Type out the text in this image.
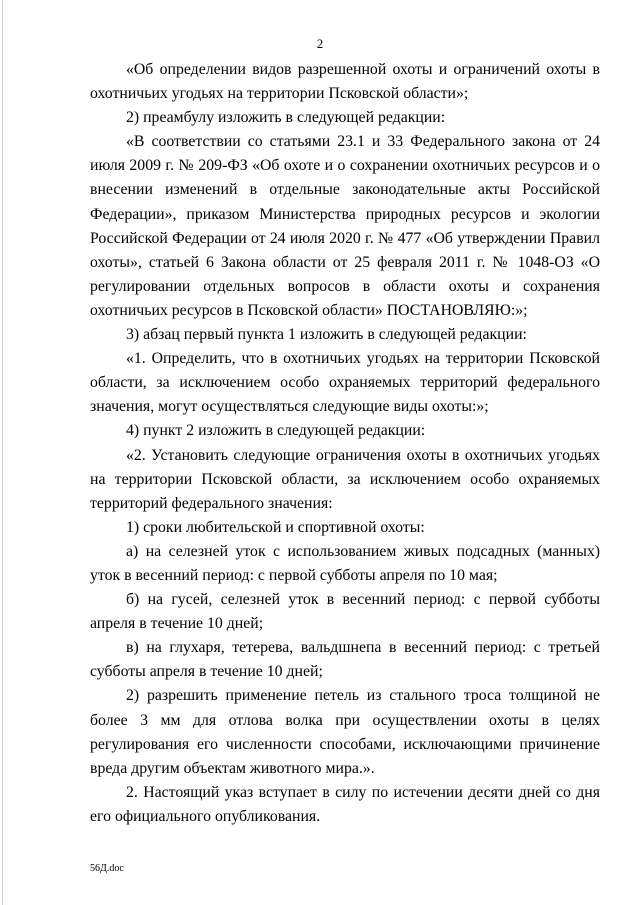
2

«Об определении видов разрешенной охоты и ограничений охоты в охотничьих угодьях на территории Псковской области»;

2) преамбулу изложить в следующей редакции:

«В соответствии со статьями 23.1 и 33 Федерального закона от 24 июля 2009 г. № 209-ФЗ «Об охоте и о сохранении охотничьих ресурсов и о внесении изменений в отдельные законодательные акты Российской Федерации», приказом Министерства природных ресурсов и экологии Российской Федерации от 24 июля 2020 г. № 477 «Об утверждении Правил охоты», статьей 6 Закона области от 25 февраля 2011 г. № 1048-ОЗ «О регулировании отдельных вопросов в области охоты и сохранения охотничьих ресурсов в Псковской области» ПОСТАНОВЛЯЮ:»;

3) абзац первый пункта 1 изложить в следующей редакции:

«1. Определить, что в охотничьих угодьях на территории Псковской области, за исключением особо охраняемых территорий федерального значения, могут осуществляться следующие виды охоты:»;

4) пункт 2 изложить в следующей редакции:

«2. Установить следующие ограничения охоты в охотничьих угодьях на территории Псковской области, за исключением особо охраняемых территорий федерального значения:

1) сроки любительской и спортивной охоты:

а) на селезней уток с использованием живых подсадных (манных) уток в весенний период: с первой субботы апреля по 10 мая;

б) на гусей, селезней уток в весенний период: с первой субботы апреля в течение 10 дней;

в) на глухаря, тетерева, вальдшнепа в весенний период: с третьей субботы апреля в течение 10 дней;

2) разрешить применение петель из стального троса толщиной не более 3 мм для отлова волка при осуществлении охоты в целях регулирования его численности способами, исключающими причинение вреда другим объектам животного мира.».

2. Настоящий указ вступает в силу по истечении десяти дней со дня его официального опубликования.

56Д.doc
